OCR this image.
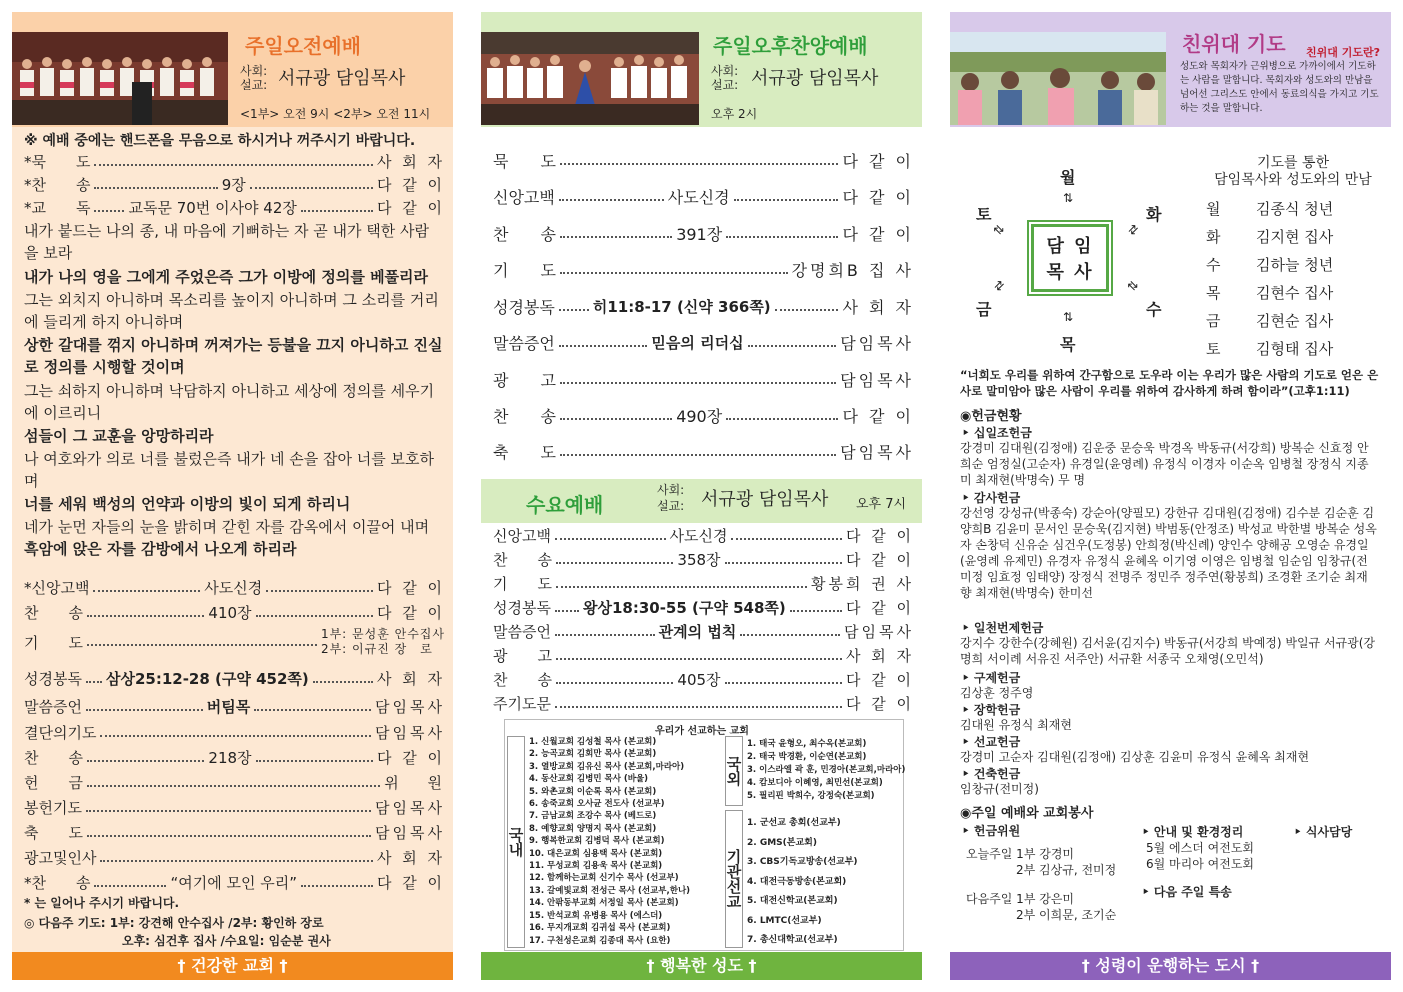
주일오전예배
사회:
설교: 서규광 담임목사
<1부> 오전 9시 <2부> 오전 11시
※ 예배 중에는 핸드폰을 무음으로 하시거나 꺼주시기 바랍니다.
*묵　　도	사 회 자
*찬　　송	9장	다 같 이
*교　　독	교독문 70번 이사야 42장	다 같 이
내가 붙드는 나의 종, 내 마음에 기뻐하는 자 곧 내가 택한 사람을 보라
내가 나의 영을 그에게 주었은즉 그가 이방에 정의를 베풀리라
그는 외치지 아니하며 목소리를 높이지 아니하며 그 소리를 거리에 들리게 하지 아니하며
상한 갈대를 꺾지 아니하며 꺼져가는 등불을 끄지 아니하고 진실로 정의를 시행할 것이며
그는 쇠하지 아니하며 낙담하지 아니하고 세상에 정의를 세우기에 이르리니
섬들이 그 교훈을 앙망하리라
나 여호와가 의로 너를 불렀은즉 내가 네 손을 잡아 너를 보호하며
너를 세워 백성의 언약과 이방의 빛이 되게 하리니
네가 눈먼 자들의 눈을 밝히며 갇힌 자를 감옥에서 이끌어 내며
흑암에 앉은 자를 감방에서 나오게 하리라
*신앙고백	사도신경	다 같 이
찬　　송	410장	다 같 이
기　　도	1부: 문성훈 안수집사
2부: 이규진 장　로
성경봉독 삼상25:12-28 (구약 452쪽)	사 회 자
말씀증언	버팀목	담임목사
결단의기도	담임목사
찬　　송	218장	다 같 이
헌　　금	위　 원
봉헌기도	담임목사
축　　도	담임목사
광고및인사	사 회 자
*찬　　송	“여기에 모인 우리”	다 같 이
* 는 일어나 주시기 바랍니다.
◎ 다음주 기도: 1부: 강견해 안수집사 /2부: 황인하 장로
오후: 심건후 집사 /수요일: 임순분 권사
† 건강한 교회 †
주일오후찬양예배
사회:
설교: 서규광 담임목사
오후 2시
묵　　도	다 같 이
신앙고백	사도신경	다 같 이
찬　　송	391장	다 같 이
기　　도	강명희B 집 사
성경봉독	히11:8-17 (신약 366쪽)	사 회 자
말씀증언	믿음의 리더십	담임목사
광　　고	담임목사
찬　　송	490장	다 같 이
축　　도	담임목사
수요예배
사회:
설교: 서규광 담임목사 오후 7시
신앙고백	사도신경	다 같 이
찬　　송	358장	다 같 이
기　　도	황봉희 권 사
성경봉독 왕상18:30-55 (구약 548쪽)	다 같 이
말씀증언	관계의 법칙	담임목사
광　　고	사 회 자
찬　　송	405장	다 같 이
주기도문	다 같 이
우리가 선교하는 교회
국내
1. 신월교회 김성철 목사 (본교회)
2. 능곡교회 김회만 목사 (본교회)
3. 열방교회 김유신 목사 (본교회,마라아)
4. 동산교회 김병민 목사 (바울)
5. 와촌교회 이순록 목사 (본교회)
6. 송죽교회 오사균 전도사 (선교부)
7. 금남교회 조강수 목사 (베드로)
8. 예향교회 양명지 목사 (본교회)
9. 행복한교회 김병덕 목사 (본교회)
10. 대은교회 심용택 목사 (본교회)
11. 무성교회 김용욱 목사 (본교회)
12. 함께하는교회 신기수 목사 (선교부)
13. 갈예빛교회 전성근 목사 (선교부,한나)
14. 안팎동부교회 서정일 목사 (본교회)
15. 반석교회 유병용 목사 (에스더)
16. 무지개교회 김귀섭 목사 (본교회)
17. 구천성은교회 김종대 목사 (요한)
국외
1. 태국 윤형오, 최수옥(본교회)
2. 태국 박경환, 이순연(본교회)
3. 이스라엘 곽 훈, 민경아(본교회,마라아)
4. 캄보디아 이혜영, 최민선(본교회)
5. 필리핀 박희수, 강정숙(본교회)
기관선교
1. 군선교 총회(선교부)
2. GMS(본교회)
3. CBS기독교방송(선교부)
4. 대전극동방송(본교회)
5. 대전신학교(본교회)
6. LMTC(선교부)
7. 총신대학교(선교부)
† 행복한 성도 †
친위대 기도 친위대 기도란?
성도와 목회자가 근위병으로 가까이에서 기도하는 사람을 말합니다. 목회자와 성도와의 만남을 넘어선 그리스도 안에서 동료의식을 가지고 기도하는 것을 말합니다.
담 임
목 사
월
⇅
목
⇅
토
⇅
화
⇅
금
⇅
수
⇅
기도를 통한
담임목사와 성도와의 만남
월	김종식 청년
화	김지현 집사
수	김하늘 청년
목	김현수 집사
금	김현순 집사
토	김형태 집사
“너희도 우리를 위하여 간구함으로 도우라 이는 우리가 많은 사람의 기도로 얻은 은사로 말미암아 많은 사람이 우리를 위하여 감사하게 하려 함이라”(고후1:11)
◉헌금현황
‣ 십일조헌금
강경미 김대원(김정애) 김운중 문승욱 박경옥 박동규(서강희) 방복순 신효정 안희순 엄정실(고순자) 유경일(윤영례) 유정식 이경자 이순옥 임병철 장정식 지종미 최재현(박명숙) 무 명
‣ 감사헌금
강선영 강성규(박종숙) 강순아(양필모) 강한규 김대원(김정애) 김수분 김순훈 김양희B 김윤미 문서인 문승욱(김지현) 박범동(안정조) 박성교 박한별 방복순 성옥자 손창덕 신유순 심건우(도정봉) 안희정(박신례) 양인수 양해공 오영순 유경일(윤영례 유제민) 유경자 유정식 윤혜옥 이기영 이영은 임병철 임순임 임창규(전미정 임효정 임태양) 장정식 전명주 정민주 정주연(황봉희) 조경환 조기순 최재향 최재현(박명숙) 한미선
‣ 일천번제헌금
강지수 강한수(강혜원) 김서윤(김지수) 박동규(서강희 박예정) 박일규 서규광(강명희 서이례 서유진 서주안) 서규환 서종국 오채영(오민석)
‣ 구제헌금
김상훈 정주영
‣ 장학헌금
김대원 유정식 최재현
‣ 선교헌금
강경미 고순자 김대원(김정애) 김상훈 김윤미 유정식 윤혜옥 최재현
‣ 건축헌금
임창규(전미정)
◉주일 예배와 교회봉사
‣ 헌금위원
오늘주일 1부 강경미
2부 김상규, 전미정
다음주일 1부 강은미
2부 이희문, 조기순
‣ 안내 및 환경정리
5월 에스더 여전도회
6월 마리아 여전도회
‣ 다음 주일 특송
‣ 식사담당
† 성령이 운행하는 도시 †
